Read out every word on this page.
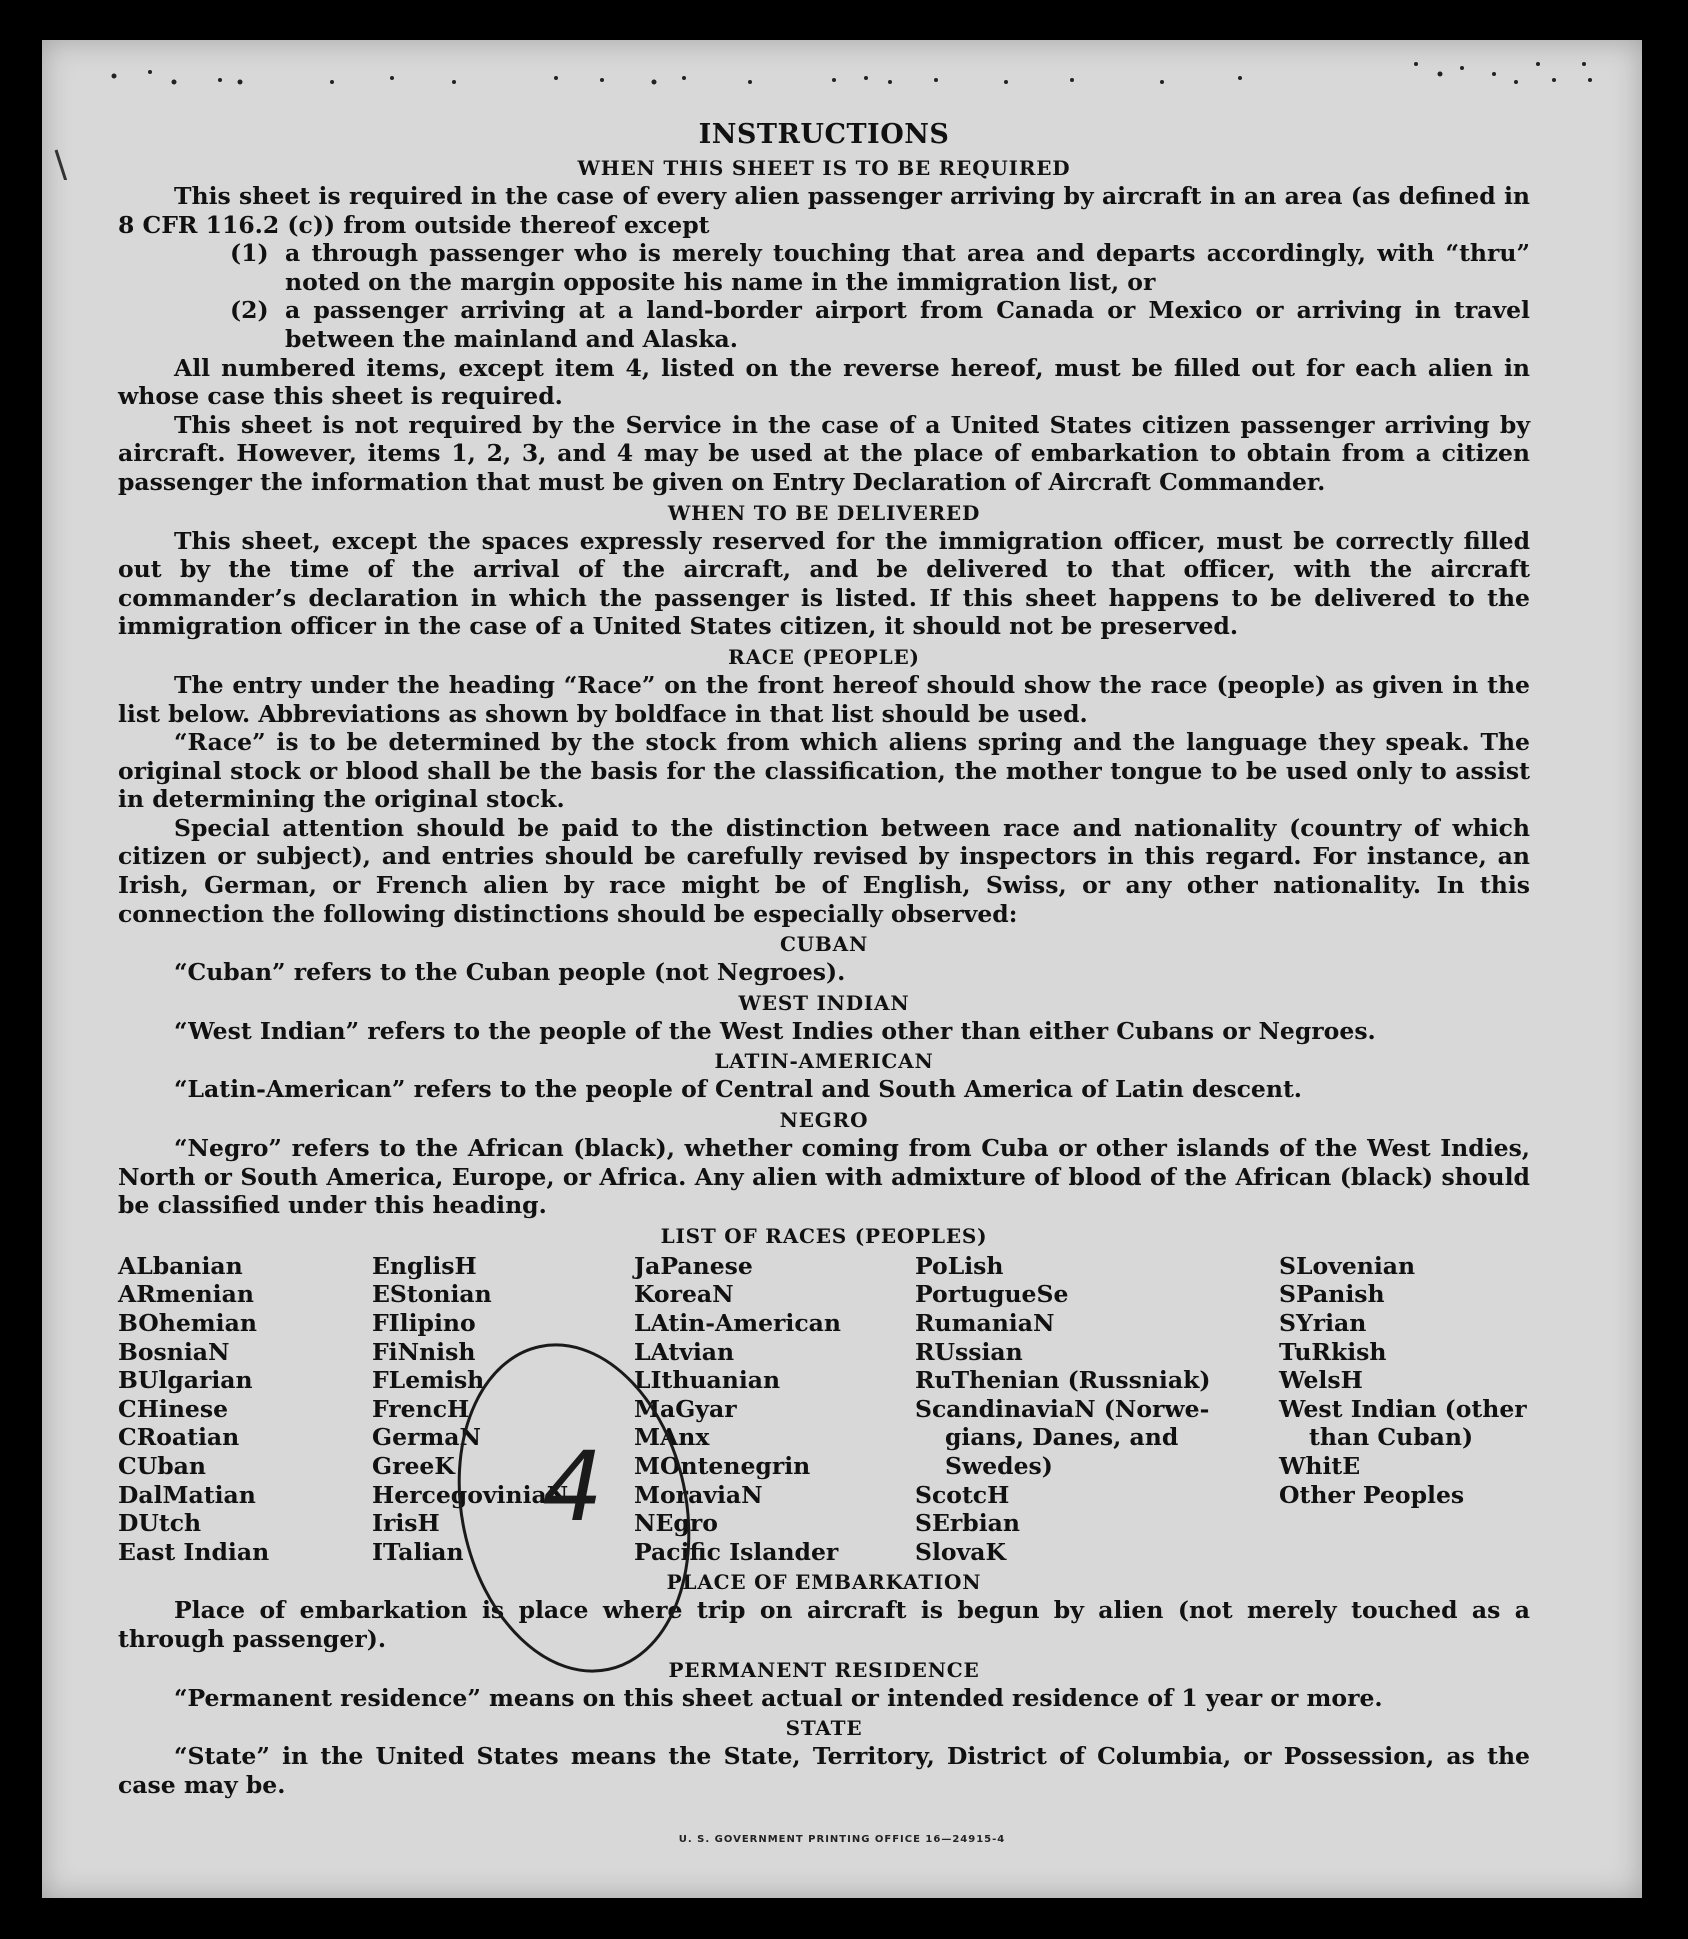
INSTRUCTIONS
WHEN THIS SHEET IS TO BE REQUIRED

This sheet is required in the case of every alien passenger arriving by aircraft in an area (as defined in 8 CFR 116.2 (c)) from outside thereof except

(1) a through passenger who is merely touching that area and departs accordingly, with “thru” noted on the margin opposite his name in the immigration list, or
(2) a passenger arriving at a land-border airport from Canada or Mexico or arriving in travel between the mainland and Alaska.

All numbered items, except item 4, listed on the reverse hereof, must be filled out for each alien in whose case this sheet is required.

This sheet is not required by the Service in the case of a United States citizen passenger arriving by aircraft. However, items 1, 2, 3, and 4 may be used at the place of embarkation to obtain from a citizen passenger the information that must be given on Entry Declaration of Aircraft Commander.

WHEN TO BE DELIVERED

This sheet, except the spaces expressly reserved for the immigration officer, must be correctly filled out by the time of the arrival of the aircraft, and be delivered to that officer, with the aircraft commander’s declaration in which the passenger is listed. If this sheet happens to be delivered to the immigration officer in the case of a United States citizen, it should not be preserved.

RACE (PEOPLE)

The entry under the heading “Race” on the front hereof should show the race (people) as given in the list below. Abbreviations as shown by boldface in that list should be used.

“Race” is to be determined by the stock from which aliens spring and the language they speak. The original stock or blood shall be the basis for the classification, the mother tongue to be used only to assist in determining the original stock.

Special attention should be paid to the distinction between race and nationality (country of which citizen or subject), and entries should be carefully revised by inspectors in this regard. For instance, an Irish, German, or French alien by race might be of English, Swiss, or any other nationality. In this connection the following distinctions should be especially observed:

CUBAN
“Cuban” refers to the Cuban people (not Negroes).
WEST INDIAN
“West Indian” refers to the people of the West Indies other than either Cubans or Negroes.
LATIN-AMERICAN
“Latin-American” refers to the people of Central and South America of Latin descent.
NEGRO

“Negro” refers to the African (black), whether coming from Cuba or other islands of the West Indies, North or South America, Europe, or Africa. Any alien with admixture of blood of the African (black) should be classified under this heading.

LIST OF RACES (PEOPLES)
ALbanian
ARmenian
BOhemian
BosniaN
BUlgarian
CHinese
CRoatian
CUban
DalMatian
DUtch
East Indian
EnglisH
EStonian
FIlipino
FiNnish
FLemish
FrencH
GermaN
GreeK
HercegoviniaN
IrisH
ITalian
JaPanese
KoreaN
LAtin-American
LAtvian
LIthuanian
MaGyar
MAnx
MOntenegrin
MoraviaN
NEgro
Pacific Islander
PoLish
PortugueSe
RumaniaN
RUssian
RuThenian (Russniak)
ScandinaviaN (Norwe-
gians, Danes, and
Swedes)
ScotcH
SErbian
SlovaK
SLovenian
SPanish
SYrian
TuRkish
WelsH
West Indian (other
than Cuban)
WhitE
Other Peoples
PLACE OF EMBARKATION

Place of embarkation is place where trip on aircraft is begun by alien (not merely touched as a through passenger).

PERMANENT RESIDENCE
“Permanent residence” means on this sheet actual or intended residence of 1 year or more.
STATE

“State” in the United States means the State, Territory, District of Columbia, or Possession, as the case may be.

U. S. GOVERNMENT PRINTING OFFICE 16—24915-4
4
